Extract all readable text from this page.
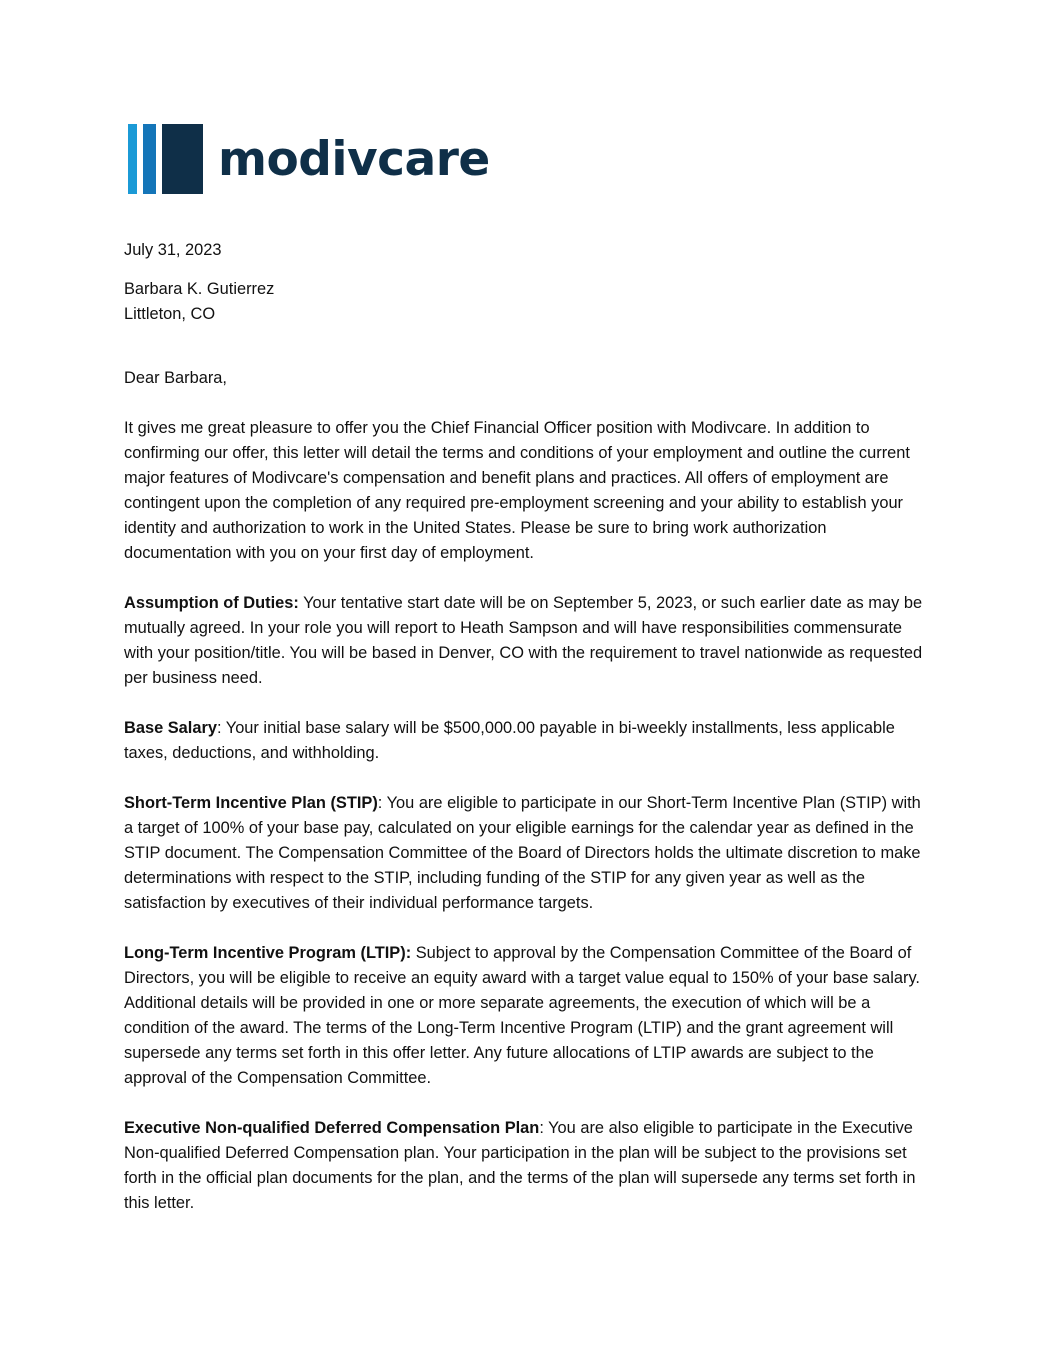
modivcare
July 31, 2023
Barbara K. Gutierrez
Littleton, CO
Dear Barbara,

It gives me great pleasure to offer you the Chief Financial Officer position with Modivcare. In addition to confirming our offer, this letter will detail the terms and conditions of your employment and outline the current major features of Modivcare's compensation and benefit plans and practices. All offers of employment are contingent upon the completion of any required pre-employment screening and your ability to establish your identity and authorization to work in the United States. Please be sure to bring work authorization documentation with you on your first day of employment.

Assumption of Duties: Your tentative start date will be on September 5, 2023, or such earlier date as may be mutually agreed. In your role you will report to Heath Sampson and will have responsibilities commensurate with your position/title. You will be based in Denver, CO with the requirement to travel nationwide as requested per business need.

Base Salary: Your initial base salary will be $500,000.00 payable in bi-weekly installments, less applicable taxes, deductions, and withholding.

Short-Term Incentive Plan (STIP): You are eligible to participate in our Short-Term Incentive Plan (STIP) with a target of 100% of your base pay, calculated on your eligible earnings for the calendar year as defined in the STIP document. The Compensation Committee of the Board of Directors holds the ultimate discretion to make determinations with respect to the STIP, including funding of the STIP for any given year as well as the satisfaction by executives of their individual performance targets.

Long-Term Incentive Program (LTIP): Subject to approval by the Compensation Committee of the Board of Directors, you will be eligible to receive an equity award with a target value equal to 150% of your base salary. Additional details will be provided in one or more separate agreements, the execution of which will be a condition of the award. The terms of the Long-Term Incentive Program (LTIP) and the grant agreement will supersede any terms set forth in this offer letter. Any future allocations of LTIP awards are subject to the approval of the Compensation Committee.

Executive Non-qualified Deferred Compensation Plan: You are also eligible to participate in the Executive Non-qualified Deferred Compensation plan. Your participation in the plan will be subject to the provisions set forth in the official plan documents for the plan, and the terms of the plan will supersede any terms set forth in this letter.
